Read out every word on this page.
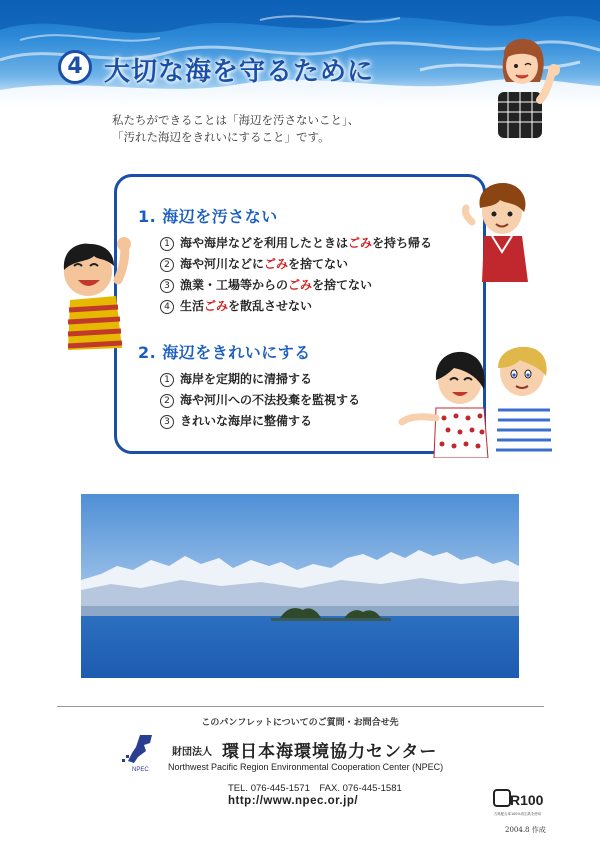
4 大切な海を守るために
私たちができることは「海辺を汚さないこと」、
「汚れた海辺をきれいにすること」です。
1. 海辺を汚さない
1 海や海岸などを利用したときは ごみ を持ち帰る
2 海や河川などに ごみ を捨てない
3 漁業・工場等からの ごみ を捨てない
4 生活 ごみ を散乱させない
2. 海辺をきれいにする
1 海岸を定期的に清掃する
2 海や河川への不法投棄を監視する
3 きれいな海岸に整備する
このパンフレットについてのご質問・お問合せ先
NPEC
財団法人 環日本海環境協力センター
Northwest Pacific Region Environmental Cooperation Center (NPEC)
TEL. 076-445-1571　FAX. 076-445-1581
http://www.npec.or.jp/	R100
古紙配合率100%再生紙を使用
2004.8 作成
